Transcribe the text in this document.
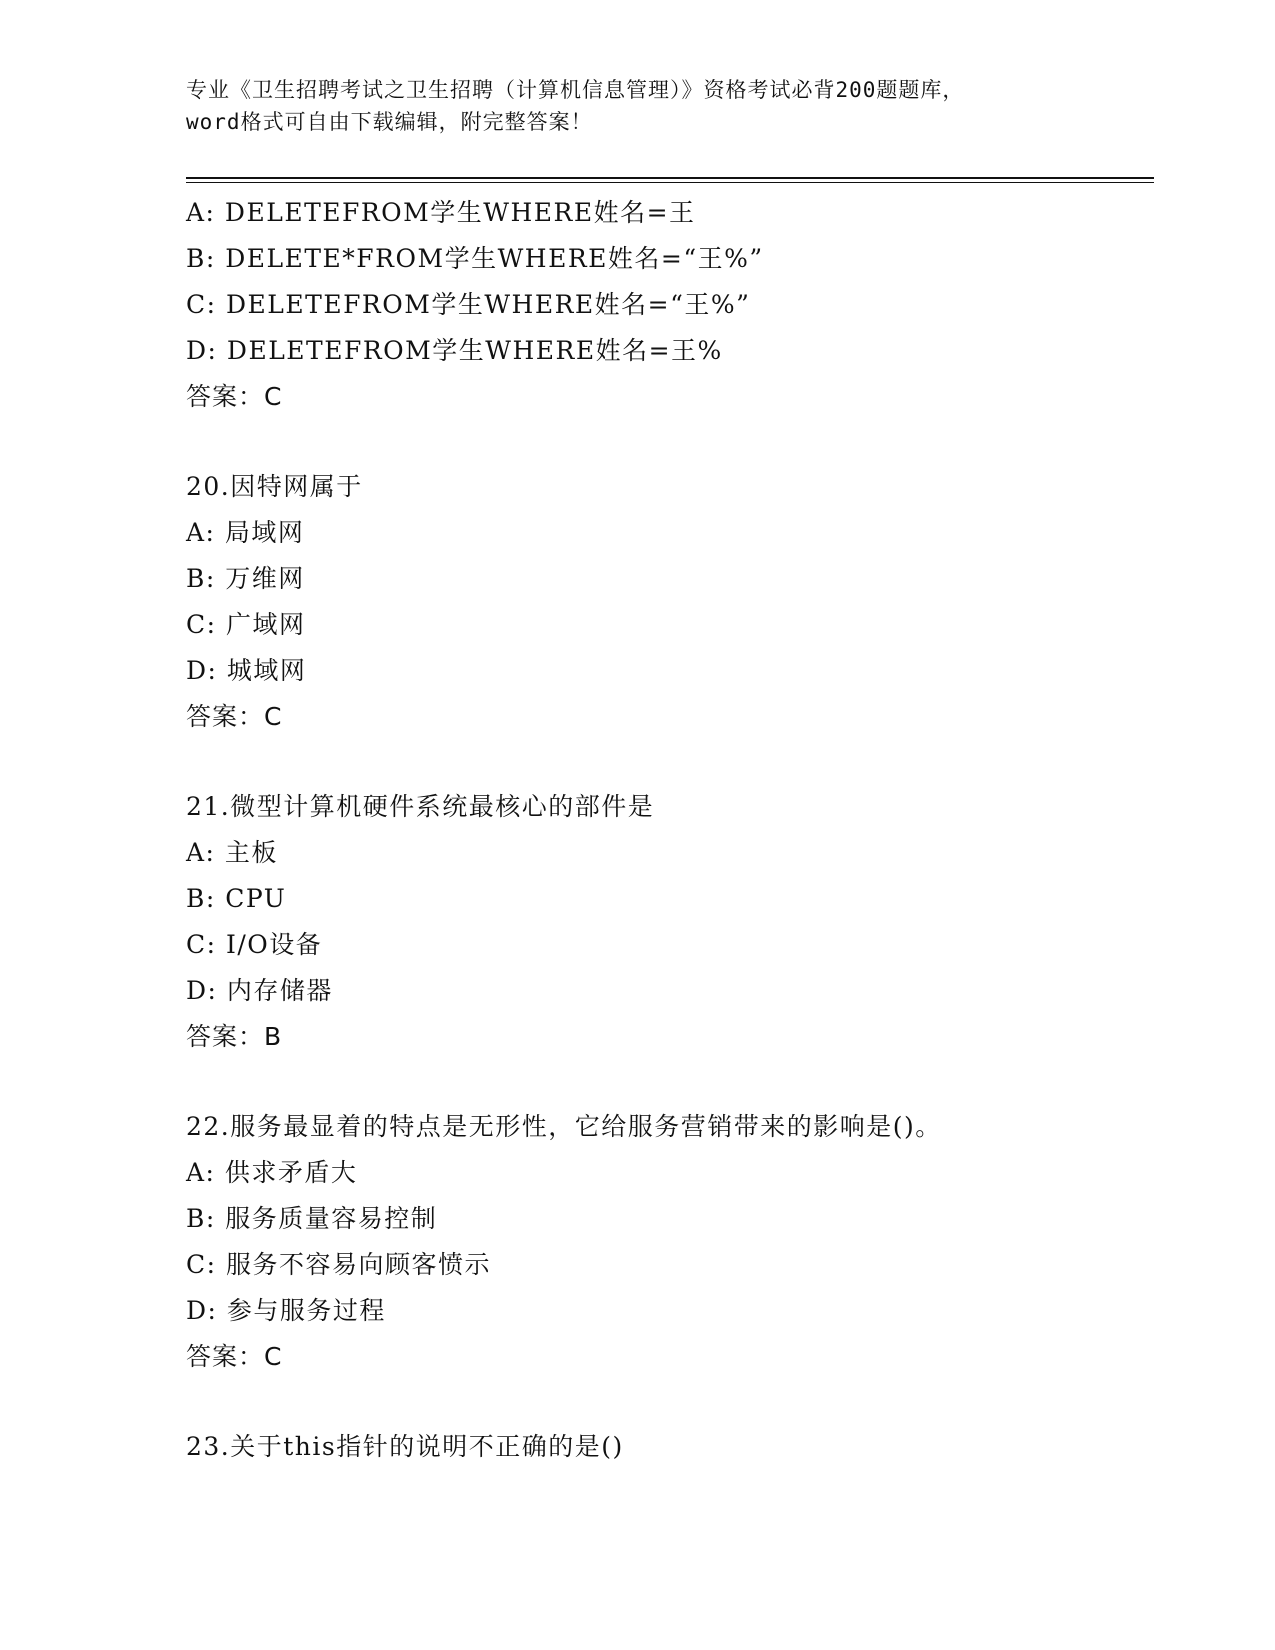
专业《卫生招聘考试之卫生招聘（计算机信息管理）》资格考试必背200题题库，
word格式可自由下载编辑，附完整答案！
A: DELETEFROM学生WHERE姓名=王
B: DELETE*FROM学生WHERE姓名=“王%”
C: DELETEFROM学生WHERE姓名=“王%”
D: DELETEFROM学生WHERE姓名=王%
答案：C
20.因特网属于
A: 局域网
B: 万维网
C: 广域网
D: 城域网
答案：C
21.微型计算机硬件系统最核心的部件是
A: 主板
B: CPU
C: I/O设备
D: 内存储器
答案：B
22.服务最显着的特点是无形性，它给服务营销带来的影响是()。
A: 供求矛盾大
B: 服务质量容易控制
C: 服务不容易向顾客愤示
D: 参与服务过程
答案：C
23.关于this指针的说明不正确的是()
